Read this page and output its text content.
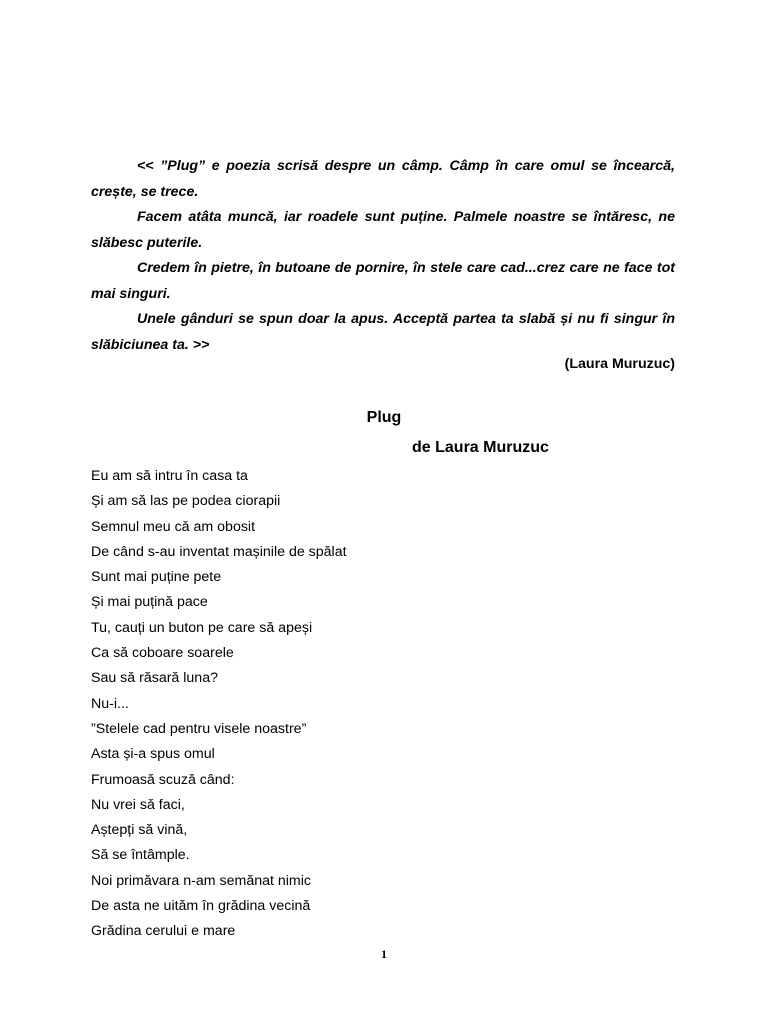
<< ”Plug” e poezia scrisă despre un câmp. Câmp în care omul se încearcă, crește, se trece.

Facem atâta muncă, iar roadele sunt puține. Palmele noastre se întăresc, ne slăbesc puterile.

Credem în pietre, în butoane de pornire, în stele care cad...crez care ne face tot mai singuri.

Unele gânduri se spun doar la apus. Acceptă partea ta slabă și nu fi singur în slăbiciunea ta. >>

(Laura Muruzuc)
Plug
de Laura Muruzuc
Eu am să intru în casa ta
Și am să las pe podea ciorapii
Semnul meu că am obosit
De când s-au inventat mașinile de spălat
Sunt mai puține pete
Și mai puțină pace
Tu, cauți un buton pe care să apeși
Ca să coboare soarele
Sau să răsară luna?
Nu-i...
”Stelele cad pentru visele noastre”
Asta și-a spus omul
Frumoasă scuză când:
Nu vrei să faci,
Aștepți să vină,
Să se întâmple.
Noi primăvara n-am semănat nimic
De asta ne uităm în grădina vecină
Grădina cerului e mare
1
